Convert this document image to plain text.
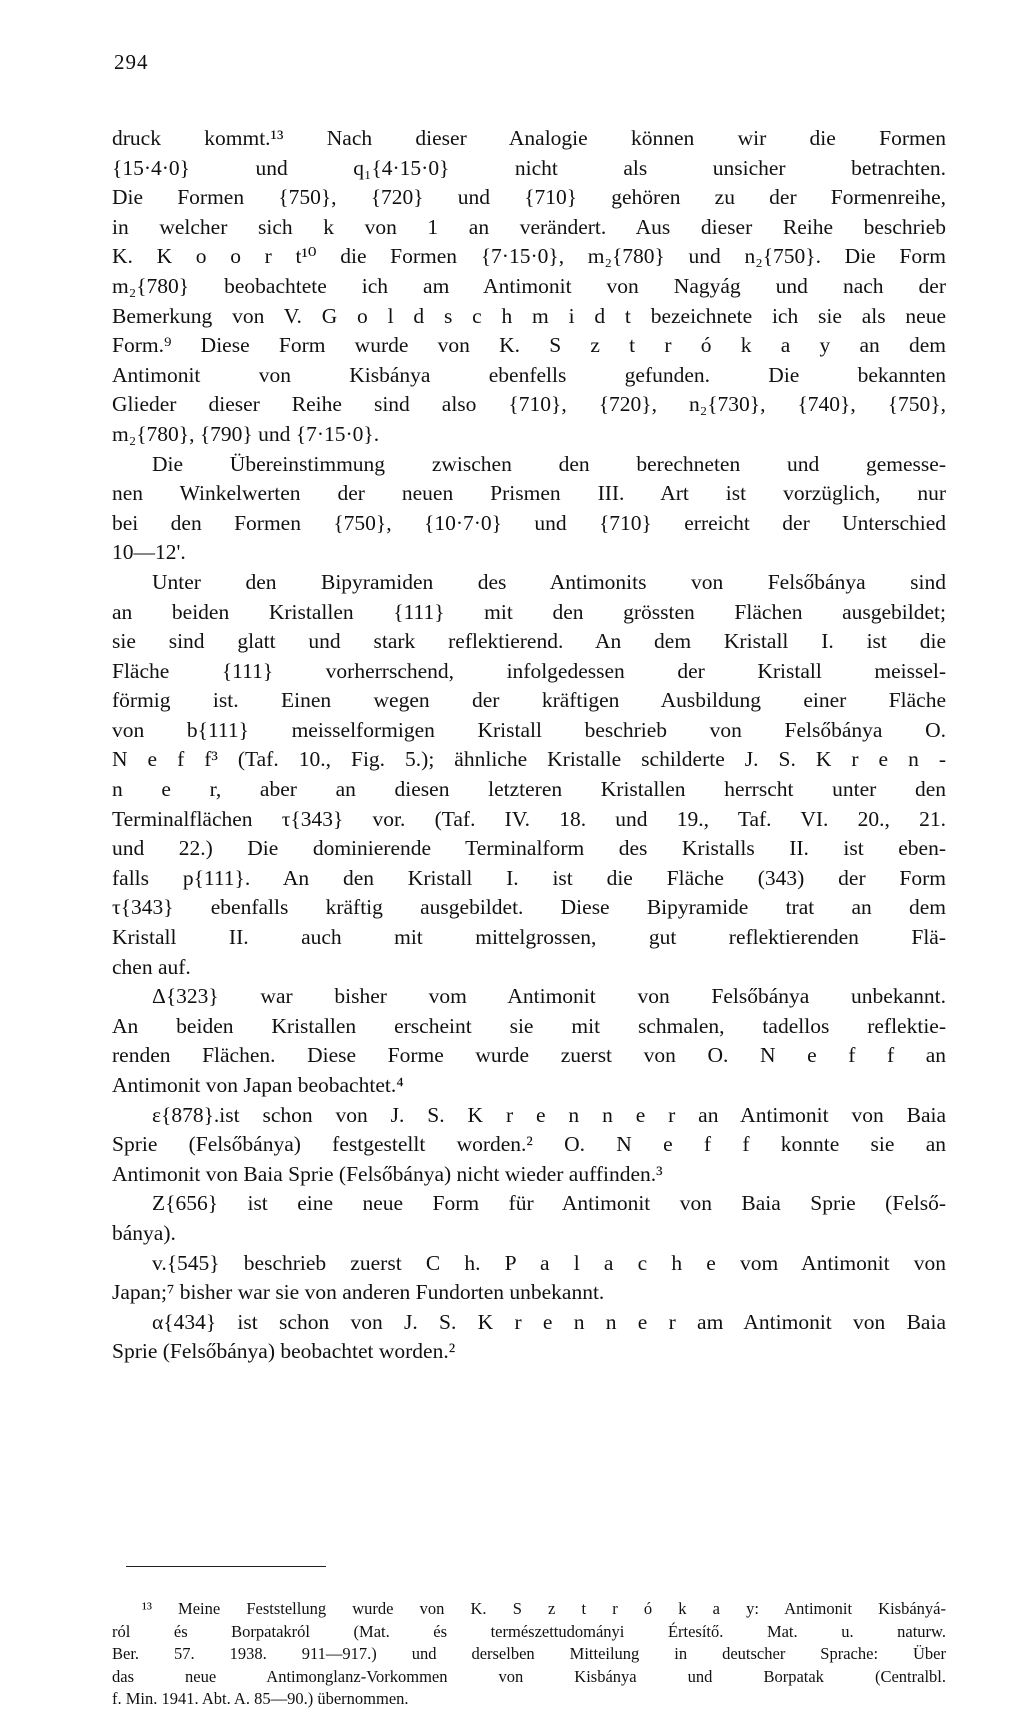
294
druck kommt.¹³ Nach dieser Analogie können wir die Formen
{15·4·0} und q₁{4·15·0} nicht als unsicher betrachten.
Die Formen {750}, {720} und {710} gehören zu der Formenreihe,
in welcher sich k von 1 an verändert. Aus dieser Reihe beschrieb
K. K o o r t¹⁰ die Formen {7·15·0}, m₂{780} und n₂{750}. Die Form
m₂{780} beobachtete ich am Antimonit von Nagyág und nach der
Bemerkung von V. G o l d s c h m i d t bezeichnete ich sie als neue
Form.⁹ Diese Form wurde von K. S z t r ó k a y an dem
Antimonit von Kisbánya ebenfells gefunden. Die bekannten
Glieder dieser Reihe sind also {710}, {720}, n₂{730}, {740}, {750},
m₂{780}, {790} und {7·15·0}.
Die Übereinstimmung zwischen den berechneten und gemesse-
nen Winkelwerten der neuen Prismen III. Art ist vorzüglich, nur
bei den Formen {750}, {10·7·0} und {710} erreicht der Unterschied
10—12'.
Unter den Bipyramiden des Antimonits von Felsőbánya sind
an beiden Kristallen {111} mit den grössten Flächen ausgebildet;
sie sind glatt und stark reflektierend. An dem Kristall I. ist die
Fläche {111} vorherrschend, infolgedessen der Kristall meissel-
förmig ist. Einen wegen der kräftigen Ausbildung einer Fläche
von b{111} meisselformigen Kristall beschrieb von Felsőbánya O.
N e f f³ (Taf. 10., Fig. 5.); ähnliche Kristalle schilderte J. S. K r e n -
n e r, aber an diesen letzteren Kristallen herrscht unter den
Terminalflächen τ{343} vor. (Taf. IV. 18. und 19., Taf. VI. 20., 21.
und 22.) Die dominierende Terminalform des Kristalls II. ist eben-
falls p{111}. An den Kristall I. ist die Fläche (343) der Form
τ{343} ebenfalls kräftig ausgebildet. Diese Bipyramide trat an dem
Kristall II. auch mit mittelgrossen, gut reflektierenden Flä-
chen auf.
Δ{323} war bisher vom Antimonit von Felsőbánya unbekannt.
An beiden Kristallen erscheint sie mit schmalen, tadellos reflektie-
renden Flächen. Diese Forme wurde zuerst von O. N e f f an
Antimonit von Japan beobachtet.⁴
ε{878}.ist schon von J. S. K r e n n e r an Antimonit von Baia
Sprie (Felsőbánya) festgestellt worden.² O. N e f f konnte sie an
Antimonit von Baia Sprie (Felsőbánya) nicht wieder auffinden.³
Z{656} ist eine neue Form für Antimonit von Baia Sprie (Felső-
bánya).
v.{545} beschrieb zuerst C h. P a l a c h e vom Antimonit von
Japan;⁷ bisher war sie von anderen Fundorten unbekannt.
α{434} ist schon von J. S. K r e n n e r am Antimonit von Baia
Sprie (Felsőbánya) beobachtet worden.²
¹³ Meine Feststellung wurde von K. S z t r ó k a y: Antimonit Kisbányá-
ról és Borpatakról (Mat. és természettudományi Értesítő. Mat. u. naturw.
Ber. 57. 1938. 911—917.) und derselben Mitteilung in deutscher Sprache: Über
das neue Antimonglanz-Vorkommen von Kisbánya und Borpatak (Centralbl.
f. Min. 1941. Abt. A. 85—90.) übernommen.
